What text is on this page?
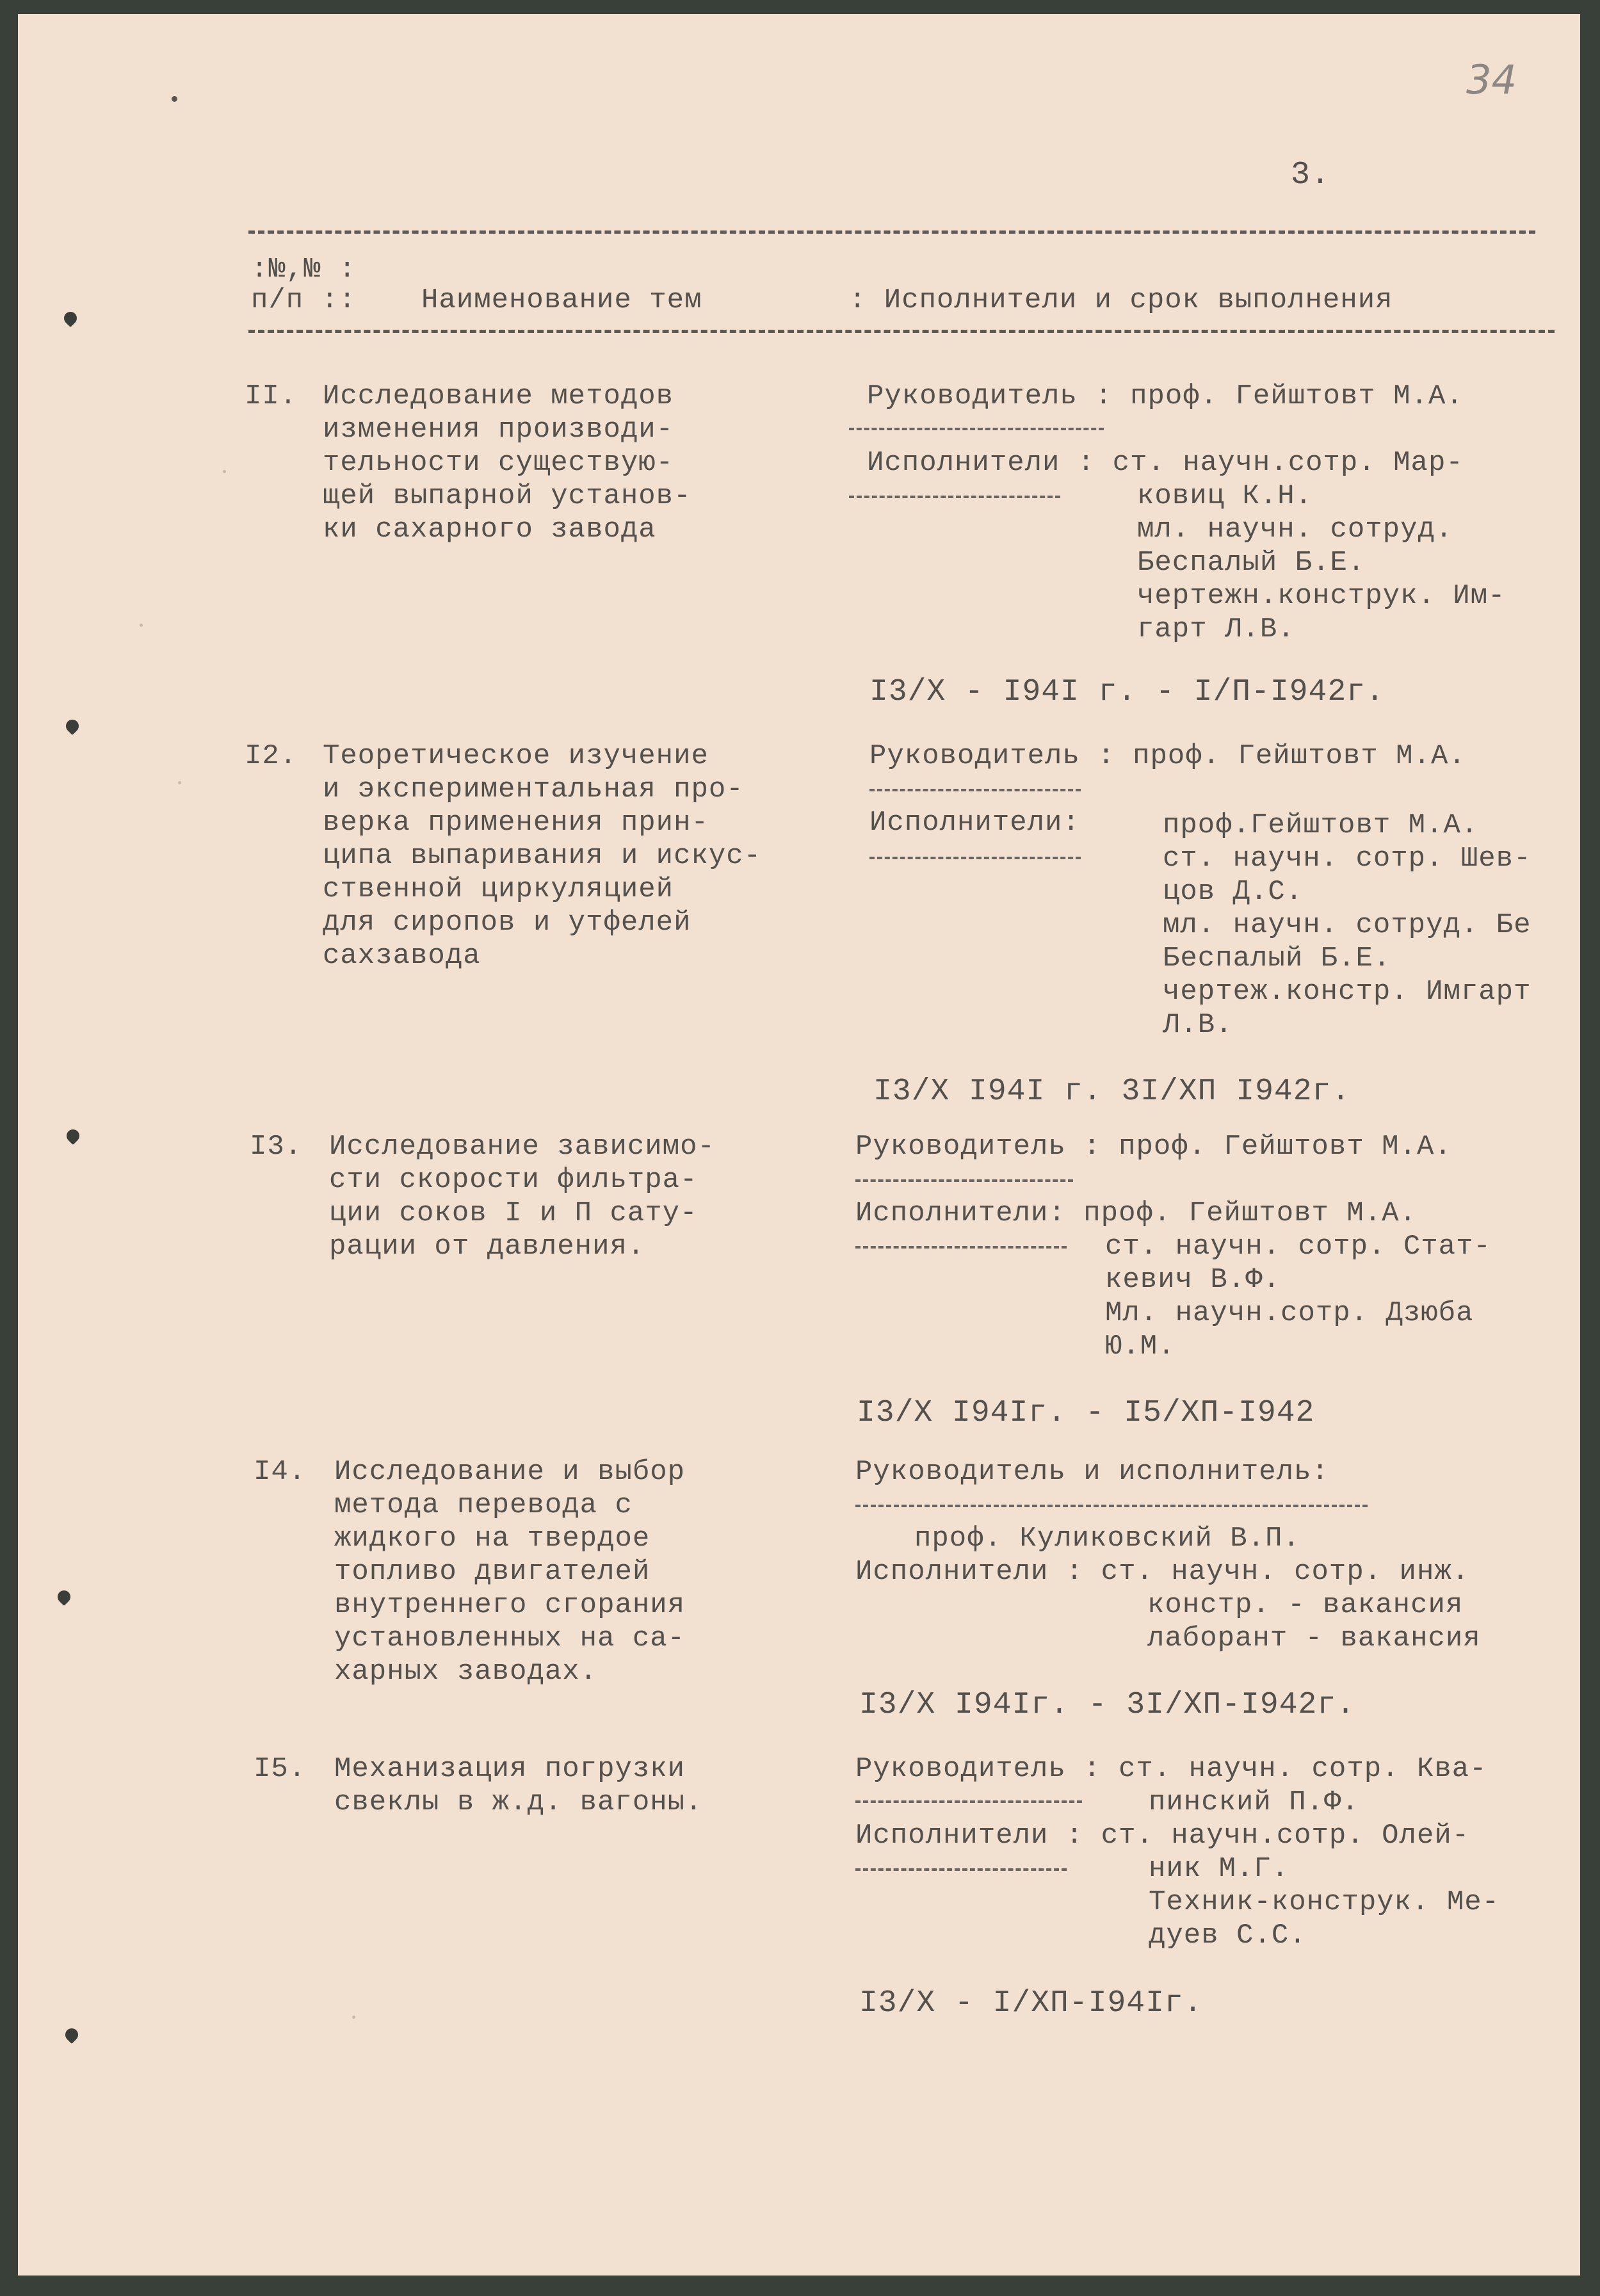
34
3.
:№,№ :
п/п :: Наименование тем	: Исполнители и срок выполнения
II. Исследование методов
изменения производи-
тельности существую-
щей выпарной установ-
ки сахарного завода
Руководитель : проф. Гейштовт М.А.
Исполнители : ст. научн.сотр. Мар-
ковиц К.Н.
мл. научн. сотруд.
Беспалый Б.Е.
чертежн.конструк. Им-
гарт Л.В.
I3/X - I94I г. - I/П-I942г.
I2. Теоретическое изучение
и экспериментальная про-
верка применения прин-
ципа выпаривания и искус-
ственной циркуляцией
для сиропов и утфелей
сахзавода
Руководитель : проф. Гейштовт М.А.
Исполнители:	проф.Гейштовт М.А.
ст. научн. сотр. Шев-
цов Д.С.
мл. научн. сотруд. Бе
Беспалый Б.Е.
чертеж.констр. Имгарт
Л.В.
I3/X I94I г. 3I/XП I942г.
I3. Исследование зависимо-
сти скорости фильтра-
ции соков I и П сату-
рации от давления.
Руководитель : проф. Гейштовт М.А.
Исполнители: проф. Гейштовт М.А.
ст. научн. сотр. Стат-
кевич В.Ф.
Мл. научн.сотр. Дзюба
Ю.М.
I3/X I94Iг. - I5/XП-I942
I4. Исследование и выбор
метода перевода с
жидкого на твердое
топливо двигателей
внутреннего сгорания
установленных на са-
харных заводах.
Руководитель и исполнитель:
проф. Куликовский В.П.
Исполнители : ст. научн. сотр. инж.
констр. - вакансия
лаборант - вакансия
I3/X I94Iг. - 3I/XП-I942г.
I5. Механизация погрузки
свеклы в ж.д. вагоны.
Руководитель : ст. научн. сотр. Ква-
пинский П.Ф.
Исполнители : ст. научн.сотр. Олей-
ник М.Г.
Техник-конструк. Ме-
дуев С.С.
I3/X - I/XП-I94Iг.
